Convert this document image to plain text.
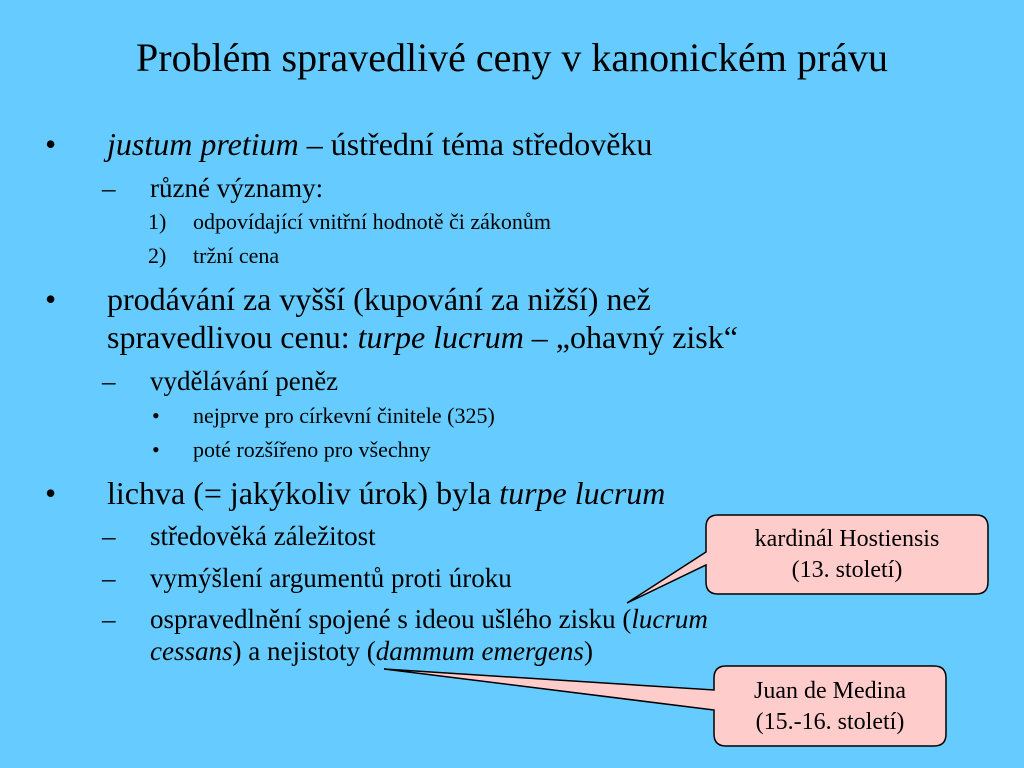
Problém spravedlivé ceny v kanonickém právu
• justum pretium – ústřední téma středověku
– různé významy:
1) odpovídající vnitřní hodnotě či zákonům
2) tržní cena
• prodávání za vyšší (kupování za nižší) než
spravedlivou cenu: turpe lucrum – „ohavný zisk“
– vydělávání peněz
• nejprve pro církevní činitele (325)
• poté rozšířeno pro všechny
• lichva (= jakýkoliv úrok) byla turpe lucrum
– středověká záležitost
– vymýšlení argumentů proti úroku
– ospravedlnění spojené s ideou ušlého zisku (lucrum
cessans) a nejistoty (dammum emergens)
kardinál Hostiensis
(13. století)
Juan de Medina
(15.-16. století)
